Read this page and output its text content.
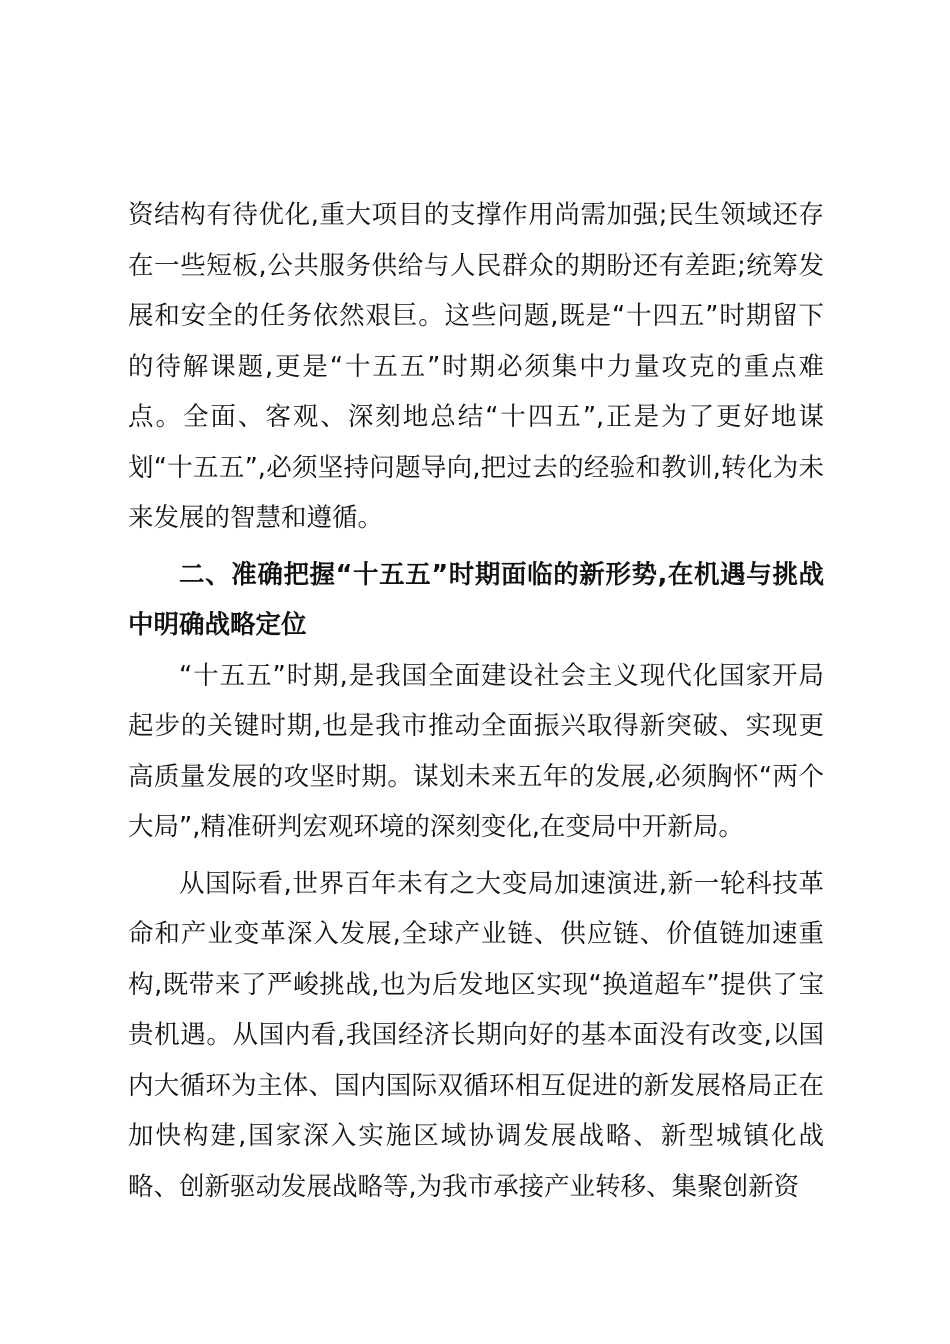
资结构有待优化,重大项目的支撑作用尚需加强;民生领域还存在一些短板,公共服务供给与人民群众的期盼还有差距;统筹发展和安全的任务依然艰巨。这些问题,既是“十四五”时期留下的待解课题,更是“十五五”时期必须集中力量攻克的重点难点。全面、客观、深刻地总结“十四五”,正是为了更好地谋划“十五五”,必须坚持问题导向,把过去的经验和教训,转化为未来发展的智慧和遵循。

二、准确把握“十五五”时期面临的新形势,在机遇与挑战中明确战略定位

“十五五”时期,是我国全面建设社会主义现代化国家开局起步的关键时期,也是我市推动全面振兴取得新突破、实现更高质量发展的攻坚时期。谋划未来五年的发展,必须胸怀“两个大局”,精准研判宏观环境的深刻变化,在变局中开新局。

从国际看,世界百年未有之大变局加速演进,新一轮科技革命和产业变革深入发展,全球产业链、供应链、价值链加速重构,既带来了严峻挑战,也为后发地区实现“换道超车”提供了宝贵机遇。从国内看,我国经济长期向好的基本面没有改变,以国内大循环为主体、国内国际双循环相互促进的新发展格局正在加快构建,国家深入实施区域协调发展战略、新型城镇化战略、创新驱动发展战略等,为我市承接产业转移、集聚创新资
